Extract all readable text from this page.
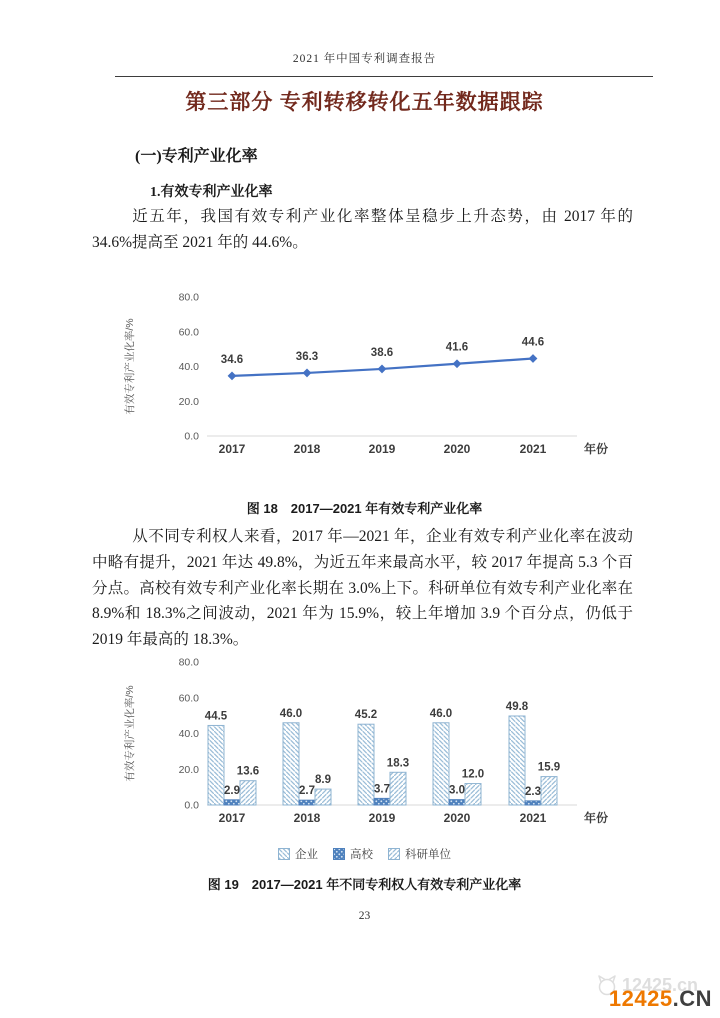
2021 年中国专利调查报告
第三部分 专利转移转化五年数据跟踪
(一)专利产业化率
1.有效专利产业化率

近五年，我国有效专利产业化率整体呈稳步上升态势，由 2017 年的 34.6%提高至 2021 年的 44.6%。

0.0
20.0
40.0
60.0
80.0
有效专利产业化率/%
2017	2018	2019	2020	2021	年份
34.6	36.3	38.6	41.6	44.6
图 18　2017—2021 年有效专利产业化率

从不同专利权人来看，2017 年—2021 年，企业有效专利产业化率在波动中略有提升，2021 年达 49.8%，为近五年来最高水平，较 2017 年提高 5.3 个百分点。高校有效专利产业化率长期在 3.0%上下。科研单位有效专利产业化率在 8.9%和 18.3%之间波动，2021 年为 15.9%，较上年增加 3.9 个百分点，仍低于 2019 年最高的 18.3%。

0.0
20.0
40.0
60.0
80.0
有效专利产业化率/%
2017	2018	2019	2020	2021	年份
44.5	46.0	45.2	46.0
49.8
2.9	2.7	3.7	3.0	2.3
13.6
8.9
18.3
12.0
15.9
企业	高校	科研单位
图 19　2017—2021 年不同专利权人有效专利产业化率
23
12425.cn
12425.CN
